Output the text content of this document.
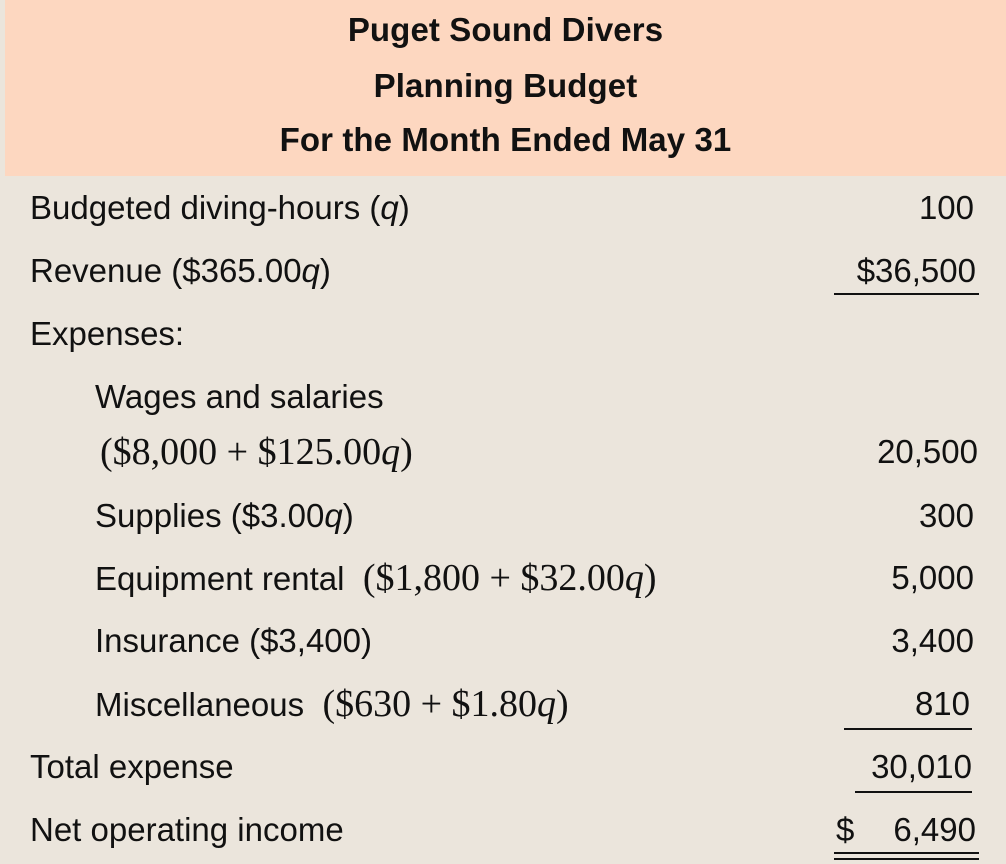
Puget Sound Divers
Planning Budget
For the Month Ended May 31
Budgeted diving-hours (q)	100
Revenue ($365.00q)	$36,500
Expenses:
Wages and salaries
($8,000 + $125.00q)	20,500
Supplies ($3.00q)	300
Equipment rental ($1,800 + $32.00q)	5,000
Insurance ($3,400)	3,400
Miscellaneous ($630 + $1.80q)	810
Total expense	30,010
Net operating income	$ 6,490
